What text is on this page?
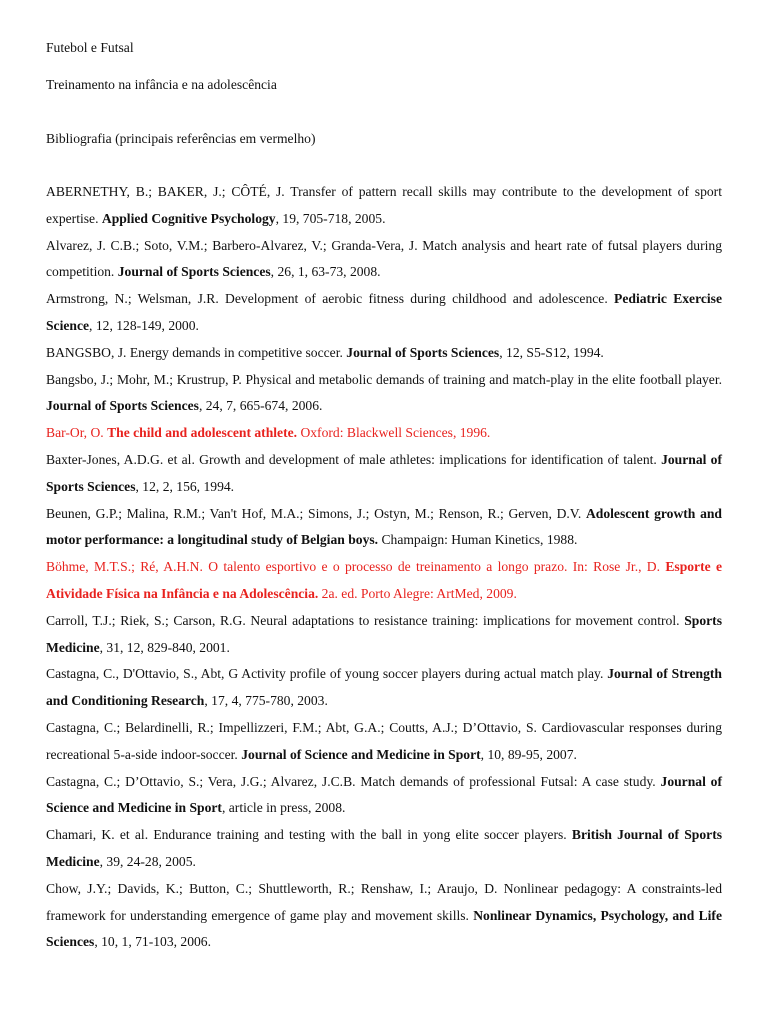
Futebol e Futsal

Treinamento na infância e na adolescência

Bibliografia (principais referências em vermelho)

ABERNETHY, B.; BAKER, J.; CÔTÉ, J. Transfer of pattern recall skills may contribute to the development of sport expertise. Applied Cognitive Psychology, 19, 705-718, 2005.

Alvarez, J. C.B.; Soto, V.M.; Barbero-Alvarez, V.; Granda-Vera, J. Match analysis and heart rate of futsal players during competition. Journal of Sports Sciences, 26, 1, 63-73, 2008.

Armstrong, N.; Welsman, J.R. Development of aerobic fitness during childhood and adolescence. Pediatric Exercise Science, 12, 128-149, 2000.

BANGSBO, J. Energy demands in competitive soccer. Journal of Sports Sciences, 12, S5-S12, 1994.

Bangsbo, J.; Mohr, M.; Krustrup, P. Physical and metabolic demands of training and match-play in the elite football player. Journal of Sports Sciences, 24, 7, 665-674, 2006.

Bar-Or, O. The child and adolescent athlete. Oxford: Blackwell Sciences, 1996.

Baxter-Jones, A.D.G. et al. Growth and development of male athletes: implications for identification of talent. Journal of Sports Sciences, 12, 2, 156, 1994.

Beunen, G.P.; Malina, R.M.; Van't Hof, M.A.; Simons, J.; Ostyn, M.; Renson, R.; Gerven, D.V. Adolescent growth and motor performance: a longitudinal study of Belgian boys. Champaign: Human Kinetics, 1988.

Böhme, M.T.S.; Ré, A.H.N. O talento esportivo e o processo de treinamento a longo prazo. In: Rose Jr., D. Esporte e Atividade Física na Infância e na Adolescência. 2a. ed. Porto Alegre: ArtMed, 2009.

Carroll, T.J.; Riek, S.; Carson, R.G. Neural adaptations to resistance training: implications for movement control. Sports Medicine, 31, 12, 829-840, 2001.

Castagna, C., D'Ottavio, S., Abt, G Activity profile of young soccer players during actual match play. Journal of Strength and Conditioning Research, 17, 4, 775-780, 2003.

Castagna, C.; Belardinelli, R.; Impellizzeri, F.M.; Abt, G.A.; Coutts, A.J.; D’Ottavio, S. Cardiovascular responses during recreational 5-a-side indoor-soccer. Journal of Science and Medicine in Sport, 10, 89-95, 2007.

Castagna, C.; D’Ottavio, S.; Vera, J.G.; Alvarez, J.C.B. Match demands of professional Futsal: A case study. Journal of Science and Medicine in Sport, article in press, 2008.

Chamari, K. et al. Endurance training and testing with the ball in yong elite soccer players. British Journal of Sports Medicine, 39, 24-28, 2005.

Chow, J.Y.; Davids, K.; Button, C.; Shuttleworth, R.; Renshaw, I.; Araujo, D. Nonlinear pedagogy: A constraints-led framework for understanding emergence of game play and movement skills. Nonlinear Dynamics, Psychology, and Life Sciences, 10, 1, 71-103, 2006.
